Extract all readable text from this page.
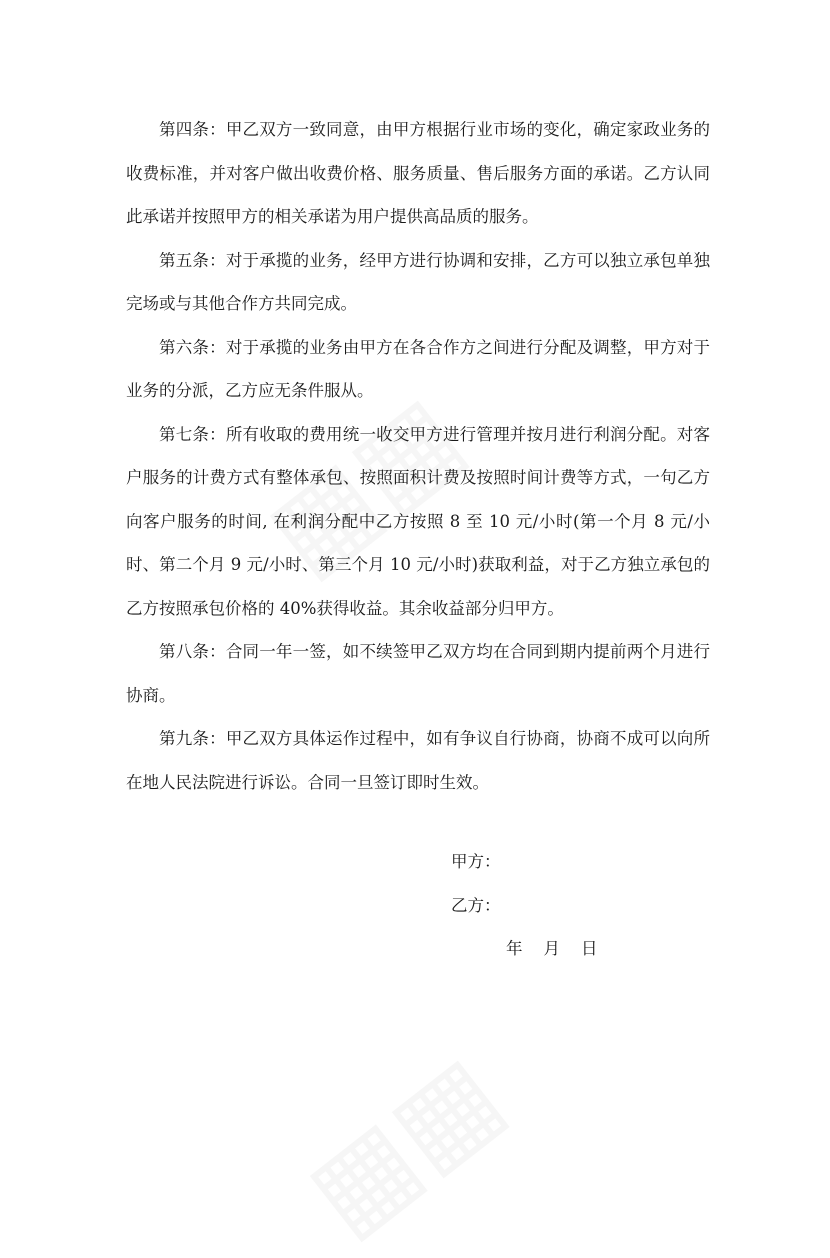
第四条：甲乙双方一致同意，由甲方根据行业市场的变化，确定家政业务的收费标准，并对客户做出收费价格、服务质量、售后服务方面的承诺。乙方认同此承诺并按照甲方的相关承诺为用户提供高品质的服务。

第五条：对于承揽的业务，经甲方进行协调和安排，乙方可以独立承包单独完场或与其他合作方共同完成。

第六条：对于承揽的业务由甲方在各合作方之间进行分配及调整，甲方对于业务的分派，乙方应无条件服从。

第七条：所有收取的费用统一收交甲方进行管理并按月进行利润分配。对客户服务的计费方式有整体承包、按照面积计费及按照时间计费等方式，一句乙方向客户服务的时间, 在利润分配中乙方按照 8 至 10 元/小时(第一个月 8 元/小时、第二个月 9 元/小时、第三个月 10 元/小时)获取利益，对于乙方独立承包的乙方按照承包价格的 40%获得收益。其余收益部分归甲方。

第八条：合同一年一签，如不续签甲乙双方均在合同到期内提前两个月进行协商。

第九条：甲乙双方具体运作过程中，如有争议自行协商，协商不成可以向所在地人民法院进行诉讼。合同一旦签订即时生效。

甲方：
乙方：
年    月    日
